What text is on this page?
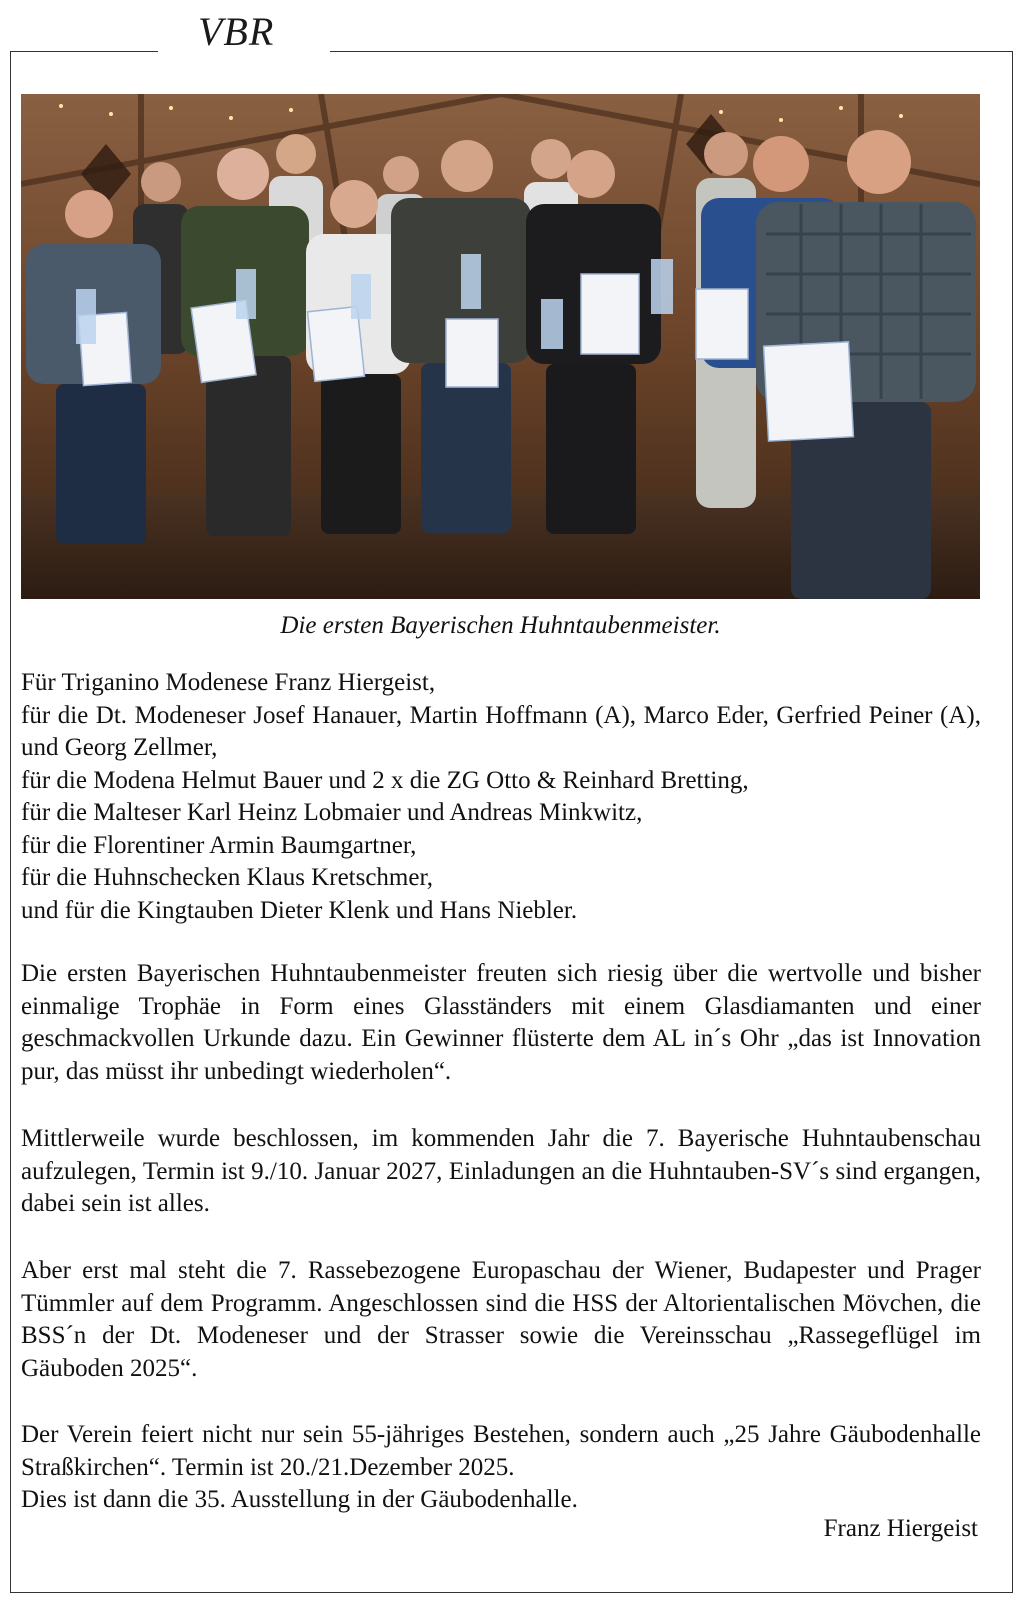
VBR
Die ersten Bayerischen Huhntaubenmeister.
Für Triganino Modenese Franz Hiergeist,
für die Dt. Modeneser Josef Hanauer, Martin Hoffmann (A), Marco Eder, Gerfried Peiner (A), und Georg Zellmer,
für die Modena Helmut Bauer und 2 x die ZG Otto & Reinhard Bretting,
für die Malteser Karl Heinz Lobmaier und Andreas Minkwitz,
für die Florentiner Armin Baumgartner,
für die Huhnschecken Klaus Kretschmer,
und für die Kingtauben Dieter Klenk und Hans Niebler.
Die ersten Bayerischen Huhntaubenmeister freuten sich riesig über die wertvolle und bisher einmalige Trophäe in Form eines Glasständers mit einem Glasdiamanten und einer geschmackvollen Urkunde dazu. Ein Gewinner flüsterte dem AL in´s Ohr „das ist Innovation pur, das müsst ihr unbedingt wiederholen“.
Mittlerweile wurde beschlossen, im kommenden Jahr die 7. Bayerische Huhntaubenschau aufzulegen, Termin ist 9./10. Januar 2027, Einladungen an die Huhntauben-SV´s sind ergangen, dabei sein ist alles.
Aber erst mal steht die 7. Rassebezogene Europaschau der Wiener, Budapester und Prager Tümmler auf dem Programm. Angeschlossen sind die HSS der Altorientalischen Mövchen, die BSS´n der Dt. Modeneser und der Strasser sowie die Vereinsschau „Rassegeflügel im Gäuboden 2025“.
Der Verein feiert nicht nur sein 55-jähriges Bestehen, sondern auch „25 Jahre Gäubodenhalle Straßkirchen“. Termin ist 20./21.Dezember 2025.
Dies ist dann die 35. Ausstellung in der Gäubodenhalle.
Franz Hiergeist
